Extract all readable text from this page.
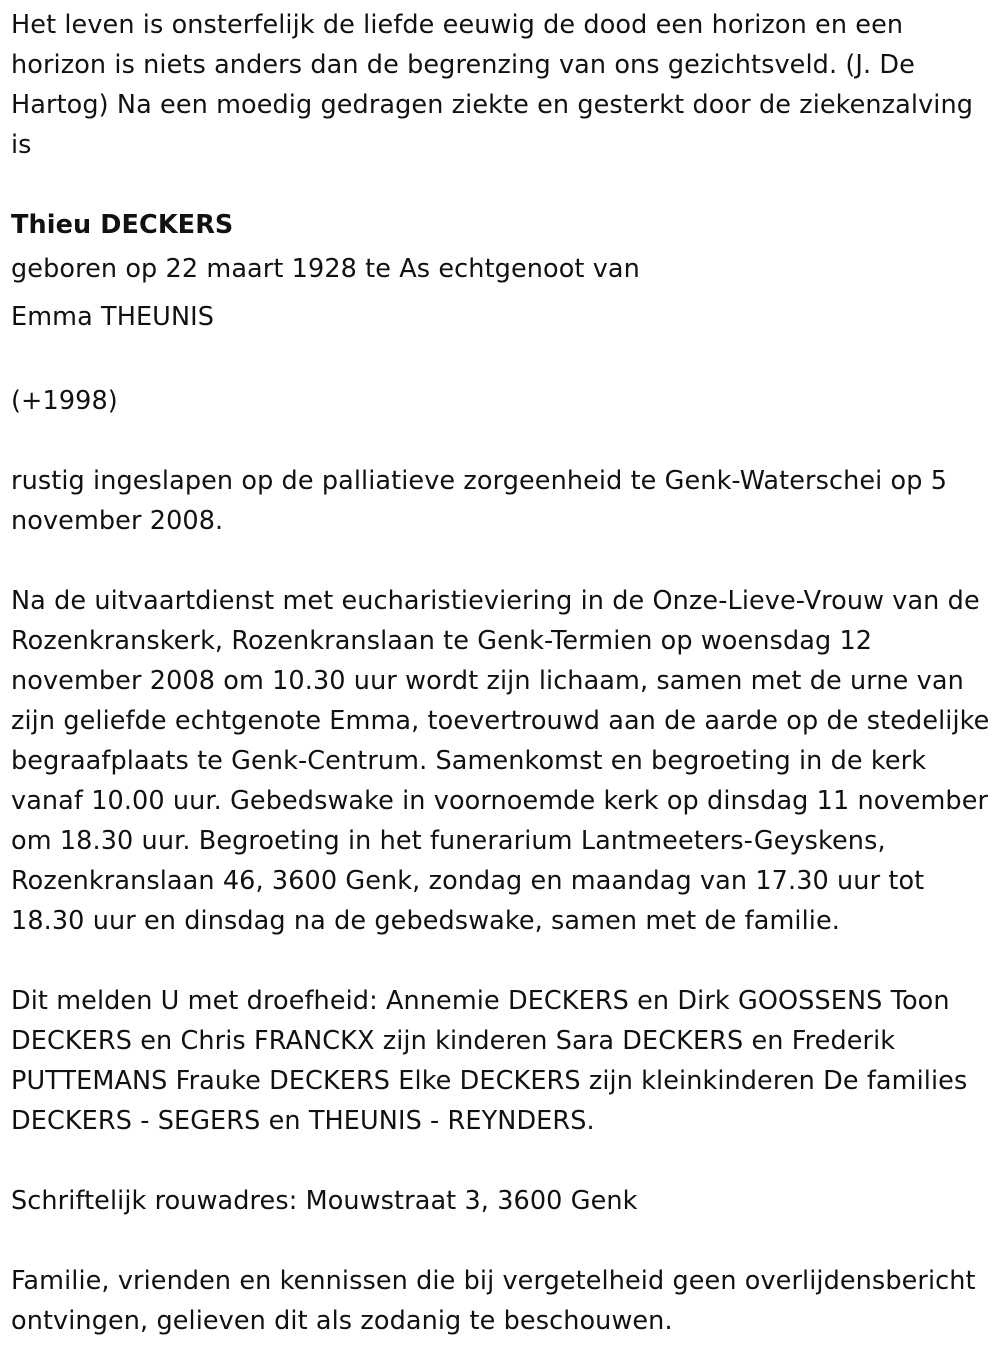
Het leven is onsterfelijk de liefde eeuwig de dood een horizon en een horizon is niets anders dan de begrenzing van ons gezichtsveld. (J. De Hartog) Na een moedig gedragen ziekte en gesterkt door de ziekenzalving is

Thieu DECKERS

geboren op 22 maart 1928 te As echtgenoot van

Emma THEUNIS

(+1998)

rustig ingeslapen op de palliatieve zorgeenheid te Genk-Waterschei op 5 november 2008.

Na de uitvaartdienst met eucharistieviering in de Onze-Lieve-Vrouw van de Rozenkranskerk, Rozenkranslaan te Genk-Termien op woensdag 12 november 2008 om 10.30 uur wordt zijn lichaam, samen met de urne van zijn geliefde echtgenote Emma, toevertrouwd aan de aarde op de stedelijke begraafplaats te Genk-Centrum. Samenkomst en begroeting in de kerk vanaf 10.00 uur. Gebedswake in voornoemde kerk op dinsdag 11 november om 18.30 uur. Begroeting in het funerarium Lantmeeters-Geyskens, Rozenkranslaan 46, 3600 Genk, zondag en maandag van 17.30 uur tot 18.30 uur en dinsdag na de gebedswake, samen met de familie.

Dit melden U met droefheid: Annemie DECKERS en Dirk GOOSSENS Toon DECKERS en Chris FRANCKX zijn kinderen Sara DECKERS en Frederik PUTTEMANS Frauke DECKERS Elke DECKERS zijn kleinkinderen De families DECKERS - SEGERS en THEUNIS - REYNDERS.

Schriftelijk rouwadres: Mouwstraat 3, 3600 Genk

Familie, vrienden en kennissen die bij vergetelheid geen overlijdensbericht ontvingen, gelieven dit als zodanig te beschouwen.
